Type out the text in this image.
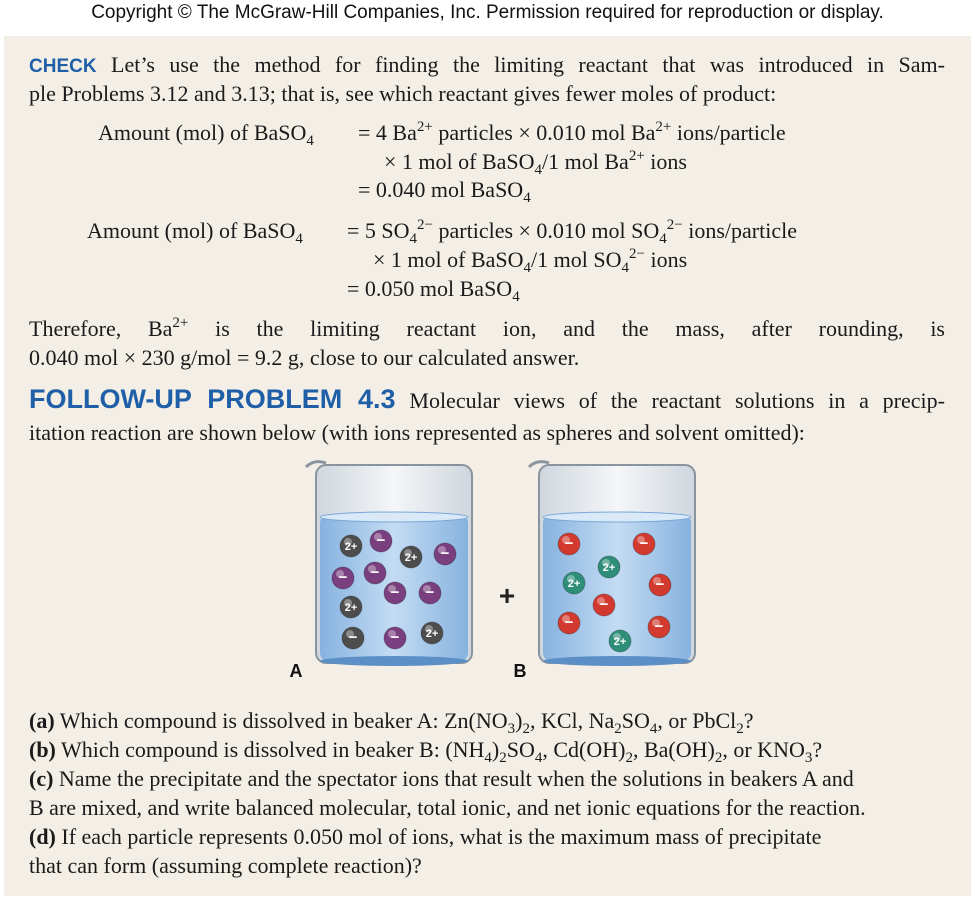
Copyright © The McGraw-Hill Companies, Inc. Permission required for reproduction or display.
CHECK Let’s use the method for finding the limiting reactant that was introduced in Sam-
ple Problems 3.12 and 3.13; that is, see which reactant gives fewer moles of product:
Amount (mol) of BaSO$_4$ = 4 $Ba^{2+}$ particles × 0.010 mol $Ba^{2+}$ ions/particle
× 1 mol of BaSO$_4$/1 mol $Ba^{2+}$ ions
= 0.040 mol BaSO$_4$
Amount (mol) of BaSO$_4$ = 5 $SO_4^{2-}$ particles × 0.010 mol $SO_4^{2-}$ ions/particle
× 1 mol of BaSO$_4$/1 mol $SO_4^{2-}$ ions
= 0.050 mol BaSO$_4$
Therefore, $Ba^{2+}$ is the limiting reactant ion, and the mass, after rounding, is
0.040 mol × 230 g/mol = 9.2 g, close to our calculated answer.
FOLLOW-UP PROBLEM 4.3 Molecular views of the reactant solutions in a precip-
itation reaction are shown below (with ions represented as spheres and solvent omitted):
+
A	B
2+ −
2+ −
−
−
− −
2+
− − 2+
−	−
2+
2+	−
−
−	−
2+
(a) Which compound is dissolved in beaker A: $Zn(NO_3)_2$, KCl, $Na_2SO_4$, or PbCl$_2$?
(b) Which compound is dissolved in beaker B: $(NH_4)_2SO_4$, $Cd(OH)_2$, $Ba(OH)_2$, or $KNO_3$?
(c) Name the precipitate and the spectator ions that result when the solutions in beakers A and
B are mixed, and write balanced molecular, total ionic, and net ionic equations for the reaction.
(d) If each particle represents 0.050 mol of ions, what is the maximum mass of precipitate
that can form (assuming complete reaction)?
